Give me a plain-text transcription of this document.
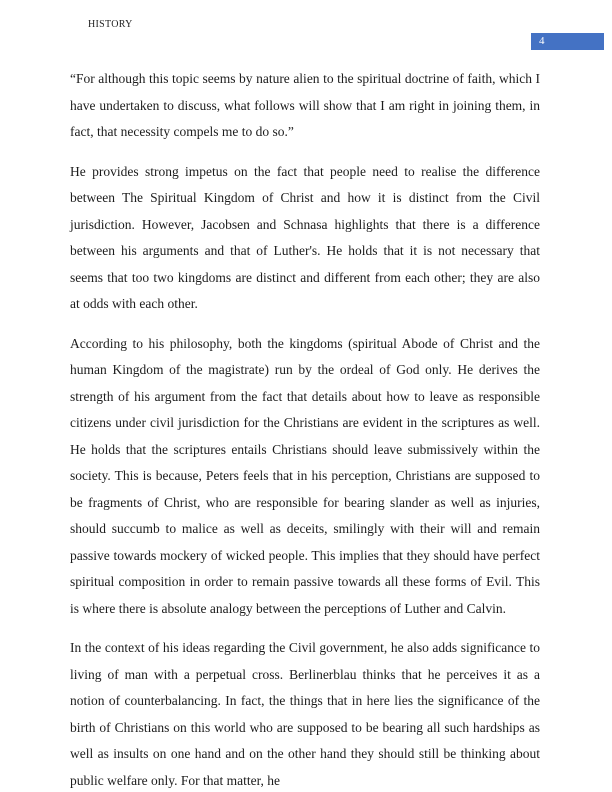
HISTORY
4

“For although this topic seems by nature alien to the spiritual doctrine of faith, which I have undertaken to discuss, what follows will show that I am right in joining them, in fact, that necessity compels me to do so.”

He provides strong impetus on the fact that people need to realise the difference between The Spiritual Kingdom of Christ and how it is distinct from the Civil jurisdiction. However, Jacobsen and Schnasa highlights that there is a difference between his arguments and that of Luther's. He holds that it is not necessary that seems that too two kingdoms are distinct and different from each other; they are also at odds with each other.

According to his philosophy, both the kingdoms (spiritual Abode of Christ and the human Kingdom of the magistrate) run by the ordeal of God only. He derives the strength of his argument from the fact that details about how to leave as responsible citizens under civil jurisdiction for the Christians are evident in the scriptures as well. He holds that the scriptures entails Christians should leave submissively within the society. This is because, Peters feels that in his perception, Christians are supposed to be fragments of Christ, who are responsible for bearing slander as well as injuries, should succumb to malice as well as deceits, smilingly with their will and remain passive towards mockery of wicked people. This implies that they should have perfect spiritual composition in order to remain passive towards all these forms of Evil. This is where there is absolute analogy between the perceptions of Luther and Calvin.

In the context of his ideas regarding the Civil government, he also adds significance to living of man with a perpetual cross. Berlinerblau thinks that he perceives it as a notion of counterbalancing. In fact, the things that in here lies the significance of the birth of Christians on this world who are supposed to be bearing all such hardships as well as insults on one hand and on the other hand they should still be thinking about public welfare only. For that matter, he
